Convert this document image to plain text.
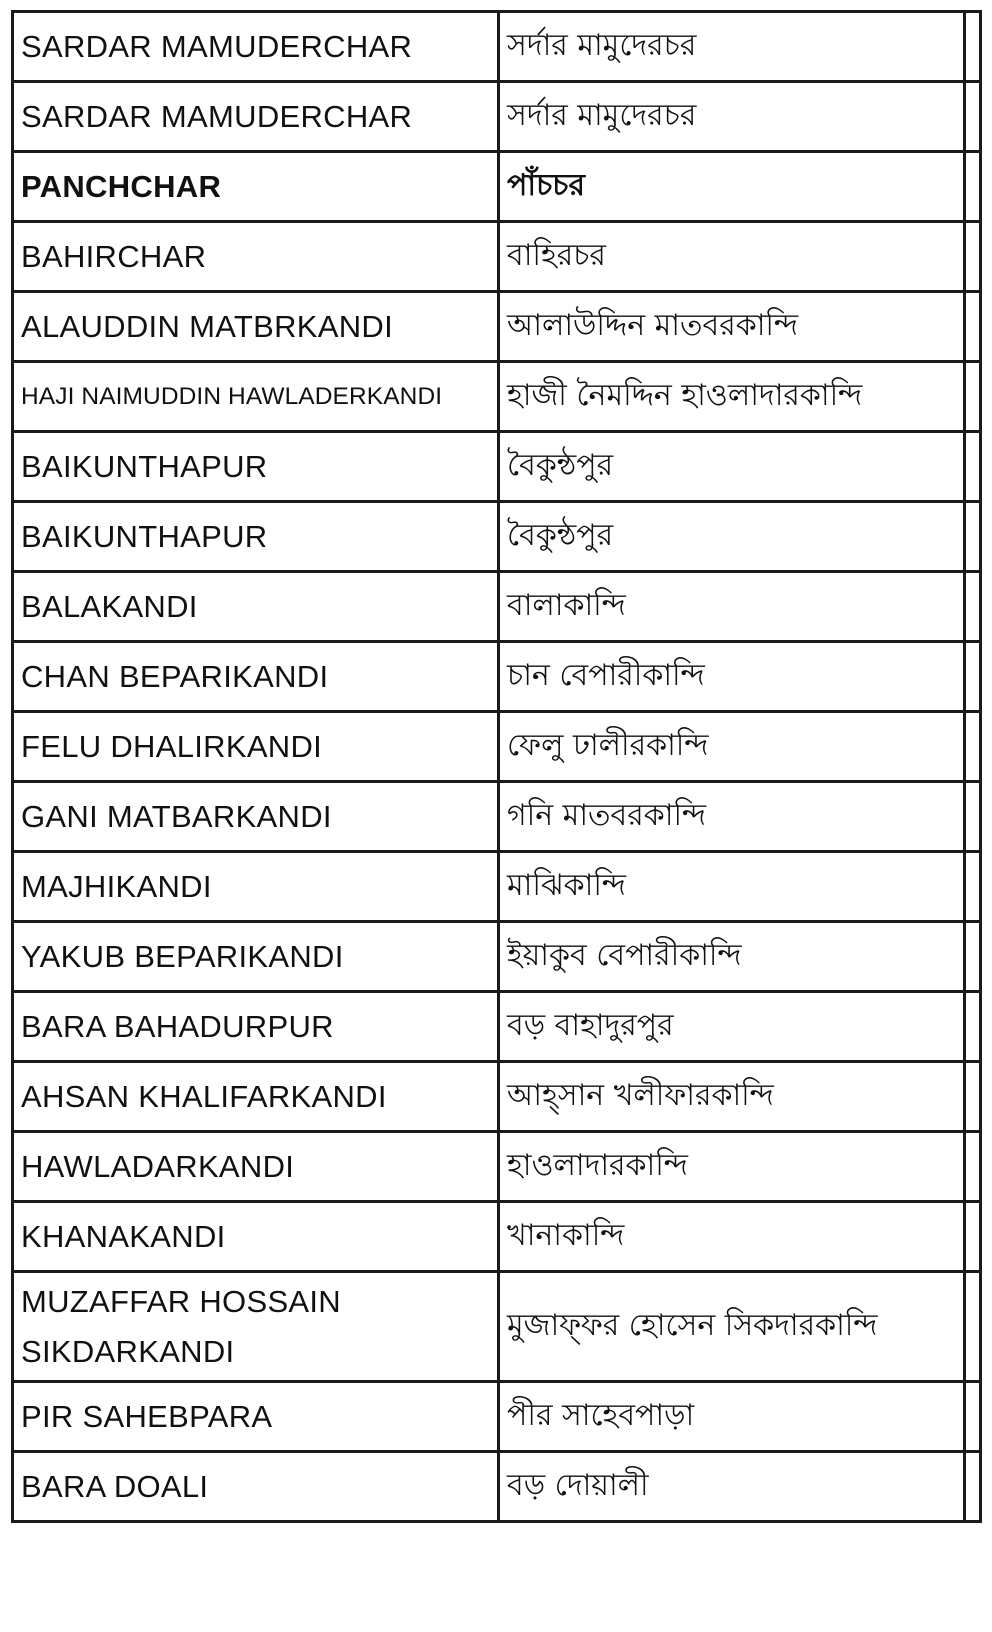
SARDAR MAMUDERCHAR	সর্দার মামুদেরচর	
SARDAR MAMUDERCHAR	সর্দার মামুদেরচর	
PANCHCHAR	পাঁচচর	
BAHIRCHAR	বাহিরচর	
ALAUDDIN MATBRKANDI	আলাউদ্দিন মাতবরকান্দি	
HAJI NAIMUDDIN HAWLADERKANDI	হাজী নৈমদ্দিন হাওলাদারকান্দি	
BAIKUNTHAPUR	বৈকুন্ঠপুর	
BAIKUNTHAPUR	বৈকুন্ঠপুর	
BALAKANDI	বালাকান্দি	
CHAN BEPARIKANDI	চান বেপারীকান্দি	
FELU DHALIRKANDI	ফেলু ঢালীরকান্দি	
GANI MATBARKANDI	গনি মাতবরকান্দি	
MAJHIKANDI	মাঝিকান্দি	
YAKUB BEPARIKANDI	ইয়াকুব বেপারীকান্দি	
BARA BAHADURPUR	বড় বাহাদুরপুর	
AHSAN KHALIFARKANDI	আহ্সান খলীফারকান্দি	
HAWLADARKANDI	হাওলাদারকান্দি	
KHANAKANDI	খানাকান্দি	
MUZAFFAR HOSSAIN SIKDARKANDI	মুজাফ্ফর হোসেন সিকদারকান্দি	
PIR SAHEBPARA	পীর সাহেবপাড়া	
BARA DOALI	বড় দোয়ালী	
